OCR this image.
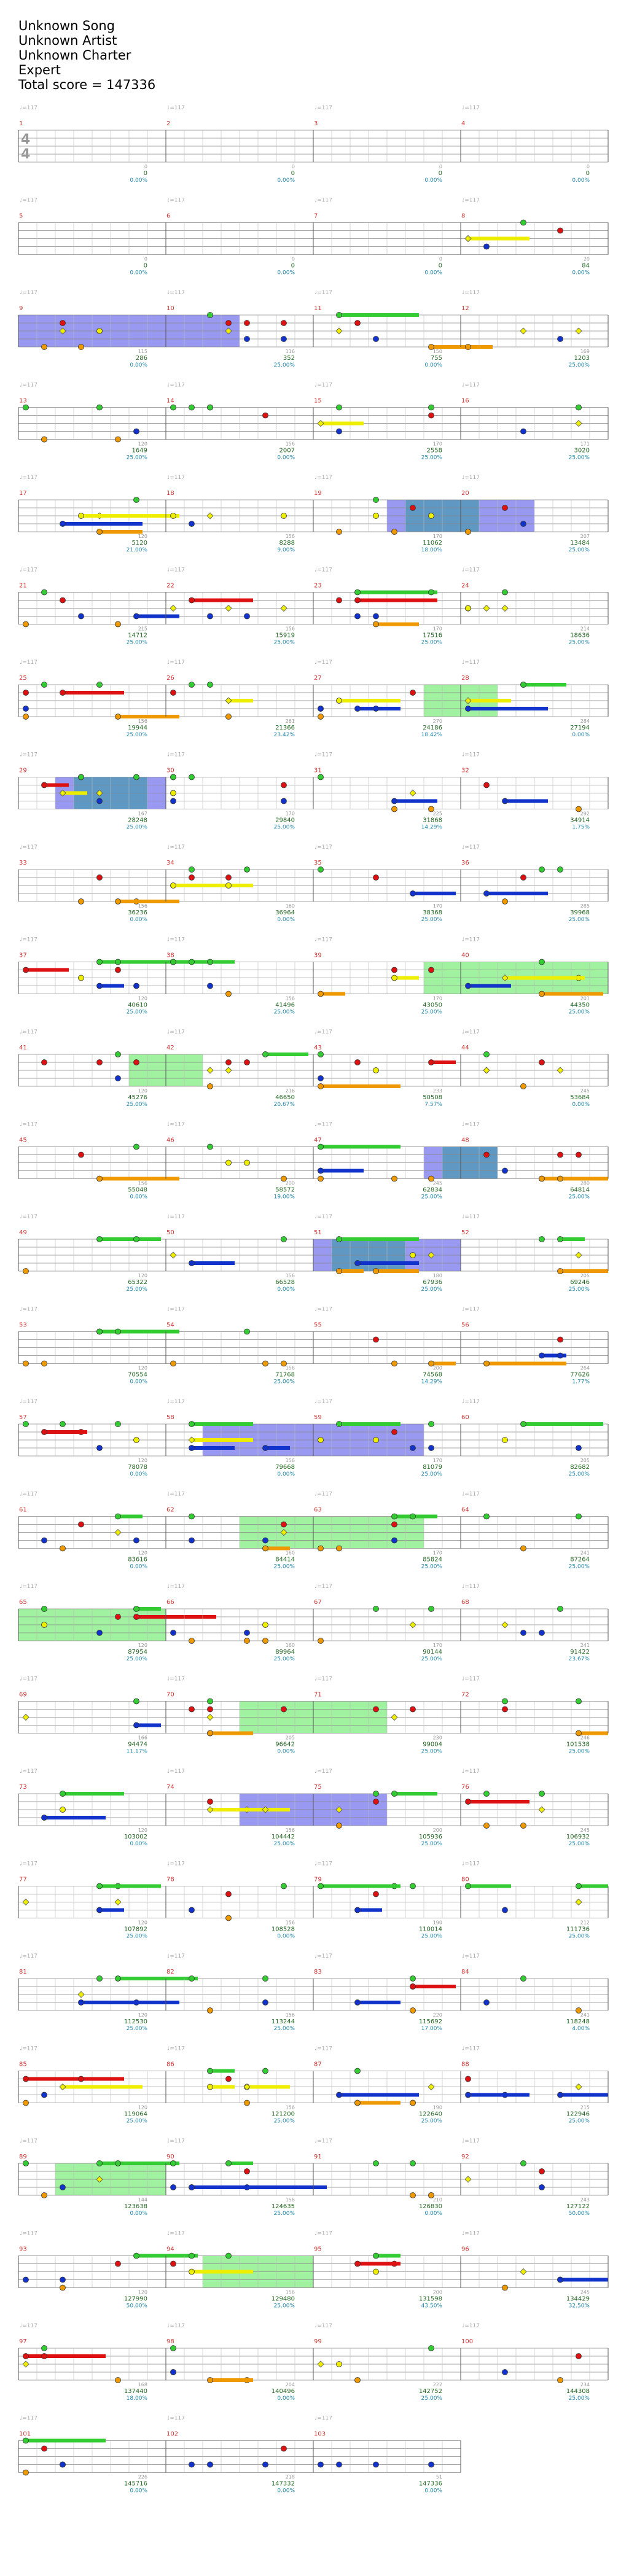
Unknown Song
Unknown Artist
Unknown Charter
Expert
Total score = 147336
♩=117	♩=117	♩=117	♩=117
1
0
0
0.00%
2
0
0
0.00%
3
0
0
0.00%
4
0
0
0.00%
4
4
♩=117	♩=117	♩=117	♩=117
5
0
0
0.00%
6
0
0
0.00%
7
0
0
0.00%
8
20
84
0.00%
♩=117	♩=117	♩=117	♩=117
9
115
286
0.00%
10
116
352
25.00%
11
150
755
0.00%
12
169
1203
25.00%
♩=117	♩=117	♩=117	♩=117
13
120
1649
25.00%
14
156
2007
0.00%
15
170
2558
25.00%
16
171
3020
25.00%
♩=117	♩=117	♩=117	♩=117
17
120
5120
21.00%
18
156
8288
9.00%
19
170
11062
18.00%
20
207
13484
25.00%
♩=117	♩=117	♩=117	♩=117
21
215
14712
25.00%
22
156
15919
25.00%
23
170
17516
25.00%
24
214
18636
25.00%
♩=117	♩=117	♩=117	♩=117
25
156
19944
25.00%
26
261
21366
23.42%
27
270
24186
18.42%
28
284
27194
0.00%
♩=117	♩=117	♩=117	♩=117
29
167
28248
25.00%
30
170
29840
25.00%
31
225
31868
14.29%
32
292
34914
1.75%
♩=117	♩=117	♩=117	♩=117
33
156
36236
0.00%
34
160
36964
0.00%
35
170
38368
25.00%
36
285
39968
25.00%
♩=117	♩=117	♩=117	♩=117
37
120
40610
25.00%
38
156
41496
25.00%
39
170
43050
25.00%
40
201
44350
25.00%
♩=117	♩=117	♩=117	♩=117
41
120
45276
25.00%
42
216
46650
20.67%
43
233
50508
7.57%
44
245
53684
0.00%
♩=117	♩=117	♩=117	♩=117
45
156
55048
0.00%
46
200
58572
19.00%
47
245
62834
25.00%
48
280
64814
25.00%
♩=117	♩=117	♩=117	♩=117
49
120
65322
25.00%
50
156
66528
0.00%
51
180
67936
25.00%
52
205
69246
25.00%
♩=117	♩=117	♩=117	♩=117
53
120
70554
0.00%
54
156
71768
25.00%
55
200
74568
14.29%
56
264
77626
1.77%
♩=117	♩=117	♩=117	♩=117
57
120
78078
0.00%
58
156
79668
0.00%
59
170
81079
25.00%
60
205
82682
25.00%
♩=117	♩=117	♩=117	♩=117
61
120
83616
0.00%
62
160
84414
25.00%
63
170
85824
25.00%
64
241
87264
25.00%
♩=117	♩=117	♩=117	♩=117
65
120
87954
25.00%
66
160
89964
25.00%
67
170
90144
25.00%
68
241
91422
23.67%
♩=117	♩=117	♩=117	♩=117
69
166
94474
11.17%
70
205
96642
0.00%
71
230
99004
25.00%
72
246
101538
25.00%
♩=117	♩=117	♩=117	♩=117
73
120
103002
0.00%
74
156
104442
25.00%
75
200
105936
25.00%
76
245
106932
25.00%
♩=117	♩=117	♩=117	♩=117
77
120
107892
25.00%
78
156
108528
0.00%
79
190
110014
25.00%
80
212
111736
25.00%
♩=117	♩=117	♩=117	♩=117
81
120
112530
25.00%
82
156
113244
25.00%
83
220
115692
17.00%
84
241
118248
4.00%
♩=117	♩=117	♩=117	♩=117
85
120
119064
25.00%
86
156
121200
25.00%
87
190
122640
25.00%
88
215
122946
25.00%
♩=117	♩=117	♩=117	♩=117
89
144
123638
0.00%
90
156
124635
25.00%
91
210
126830
0.00%
92
243
127122
50.00%
♩=117	♩=117	♩=117	♩=117
93
120
127990
50.00%
94
156
129480
25.00%
95
200
131598
43.50%
96
245
134429
32.50%
♩=117	♩=117	♩=117	♩=117
97
168
137440
18.00%
98
204
140496
0.00%
99
222
142752
25.00%
100
234
144308
25.00%
♩=117	♩=117	♩=117
101
226
145716
0.00%
102
218
147332
0.00%
103
51
147336
0.00%
